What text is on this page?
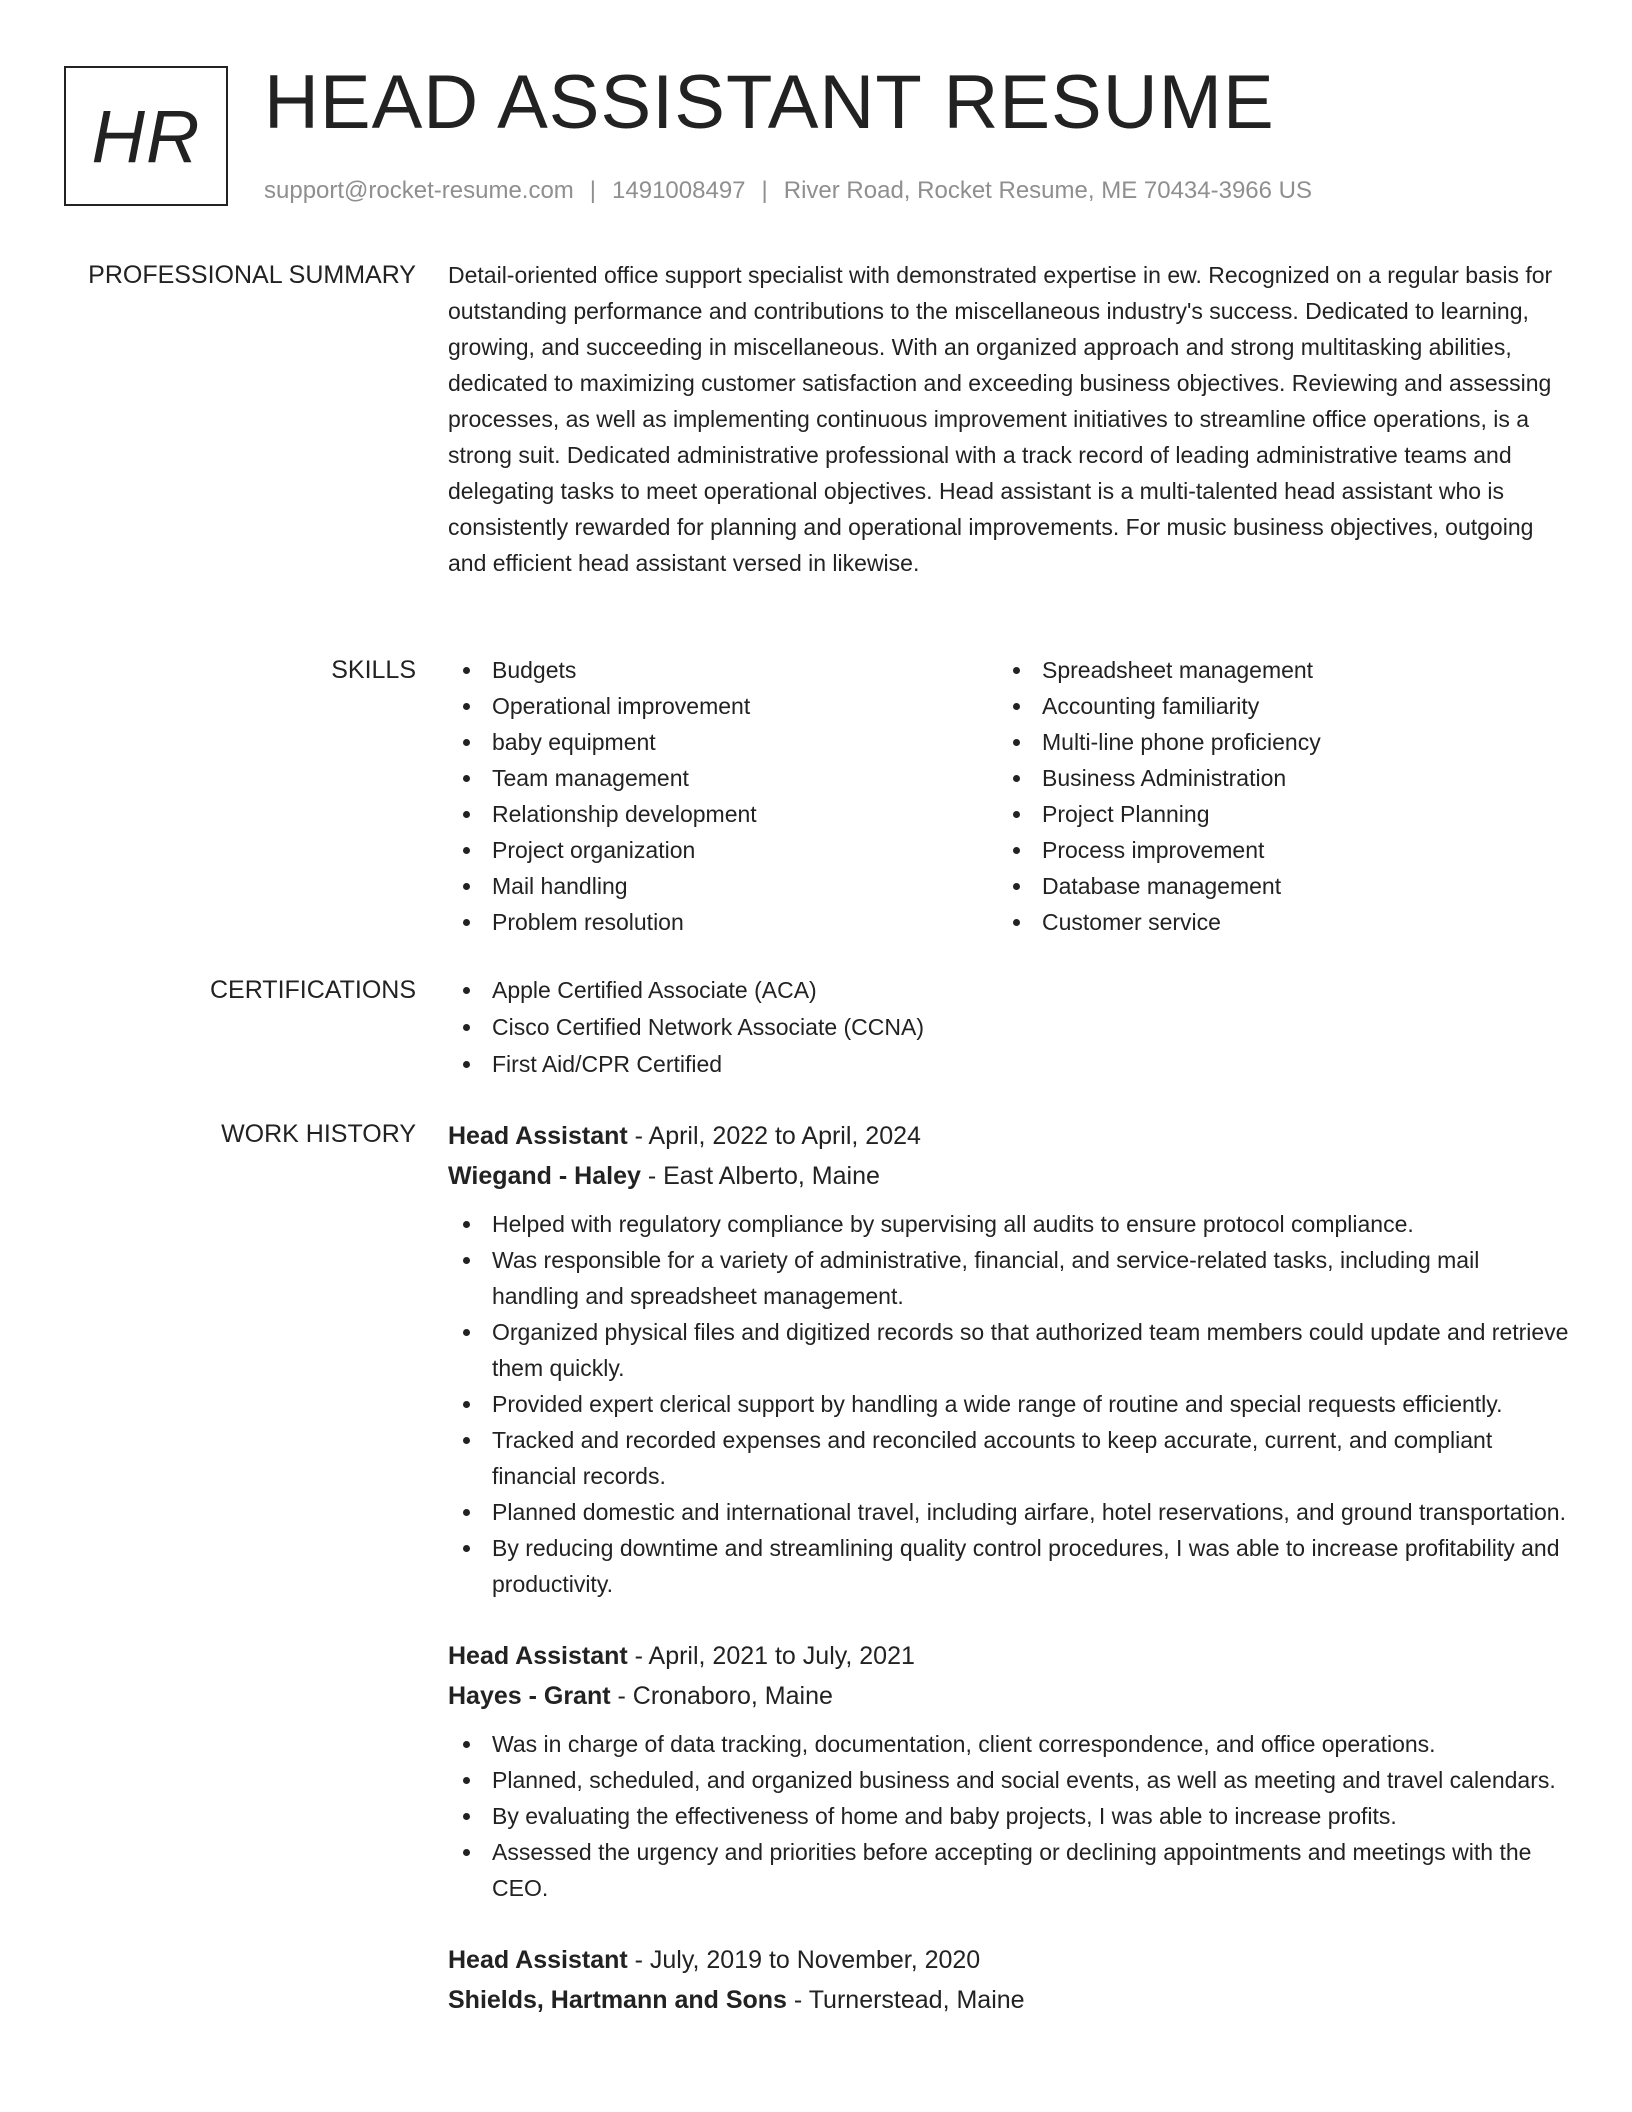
HR HEAD ASSISTANT RESUME
support@rocket-resume.com | 1491008497 | River Road, Rocket Resume, ME 70434-3966 US
PROFESSIONAL SUMMARY Detail-oriented office support specialist with demonstrated expertise in ew. Recognized on a regular basis for outstanding performance and contributions to the miscellaneous industry's success. Dedicated to learning, growing, and succeeding in miscellaneous. With an organized approach and strong multitasking abilities, dedicated to maximizing customer satisfaction and exceeding business objectives. Reviewing and assessing processes, as well as implementing continuous improvement initiatives to streamline office operations, is a strong suit. Dedicated administrative professional with a track record of leading administrative teams and delegating tasks to meet operational objectives. Head assistant is a multi-talented head assistant who is consistently rewarded for planning and operational improvements. For music business objectives, outgoing and efficient head assistant versed in likewise.

SKILLS	Budgets
Operational improvement
baby equipment
Team management
Relationship development
Project organization
Mail handling
Problem resolution
Spreadsheet management
Accounting familiarity
Multi-line phone proficiency
Business Administration
Project Planning
Process improvement
Database management
Customer service
CERTIFICATIONS	Apple Certified Associate (ACA)
Cisco Certified Network Associate (CCNA)
First Aid/CPR Certified
WORK HISTORY Head Assistant - April, 2022 to April, 2024
Wiegand - Haley - East Alberto, Maine
Helped with regulatory compliance by supervising all audits to ensure protocol compliance.
Was responsible for a variety of administrative, financial, and service-related tasks, including mail handling and spreadsheet management.
Organized physical files and digitized records so that authorized team members could update and retrieve them quickly.
Provided expert clerical support by handling a wide range of routine and special requests efficiently.
Tracked and recorded expenses and reconciled accounts to keep accurate, current, and compliant financial records.
Planned domestic and international travel, including airfare, hotel reservations, and ground transportation.
By reducing downtime and streamlining quality control procedures, I was able to increase profitability and productivity.
Head Assistant - April, 2021 to July, 2021
Hayes - Grant - Cronaboro, Maine
Was in charge of data tracking, documentation, client correspondence, and office operations.
Planned, scheduled, and organized business and social events, as well as meeting and travel calendars.
By evaluating the effectiveness of home and baby projects, I was able to increase profits.
Assessed the urgency and priorities before accepting or declining appointments and meetings with the CEO.
Head Assistant - July, 2019 to November, 2020
Shields, Hartmann and Sons - Turnerstead, Maine
